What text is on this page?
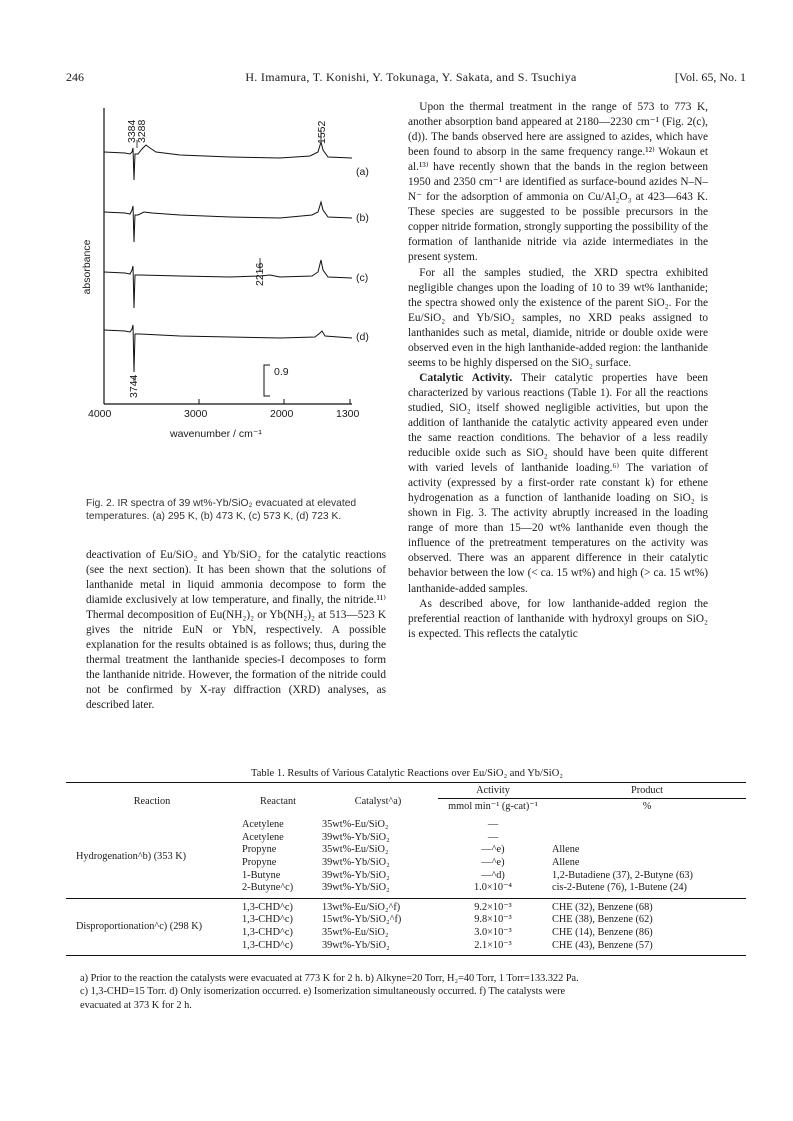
246	H. Imamura, T. Konishi, Y. Tokunaga, Y. Sakata, and S. Tsuchiya	[Vol. 65, No. 1
3384
3288	1552
2216
3744
(a)
(b)
(c)
(d)
0.9
absorbance
4000	3000	2000	1300
wavenumber / cm⁻¹
Fig. 2. IR spectra of 39 wt%-Yb/SiO₂ evacuated at elevated temperatures. (a) 295 K, (b) 473 K, (c) 573 K, (d) 723 K.

deactivation of Eu/SiO₂ and Yb/SiO₂ for the catalytic reactions (see the next section). It has been shown that the solutions of lanthanide metal in liquid ammonia decompose to form the diamide exclusively at low temperature, and finally, the nitride.¹¹⁾ Thermal decomposition of Eu(NH₂)₂ or Yb(NH₂)₂ at 513—523 K gives the nitride EuN or YbN, respectively. A possible explanation for the results obtained is as follows; thus, during the thermal treatment the lanthanide species-I decomposes to form the lanthanide nitride. However, the formation of the nitride could not be confirmed by X-ray diffraction (XRD) analyses, as described later.

Upon the thermal treatment in the range of 573 to 773 K, another absorption band appeared at 2180—2230 cm⁻¹ (Fig. 2(c),(d)). The bands observed here are assigned to azides, which have been found to absorp in the same frequency range.¹²⁾ Wokaun et al.¹³⁾ have recently shown that the bands in the region between 1950 and 2350 cm⁻¹ are identified as surface-bound azides N–N–N⁻ for the adsorption of ammonia on Cu/Al₂O₃ at 423—643 K. These species are suggested to be possible precursors in the copper nitride formation, strongly supporting the possibility of the formation of lanthanide nitride via azide intermediates in the present system.

For all the samples studied, the XRD spectra exhibited negligible changes upon the loading of 10 to 39 wt% lanthanide; the spectra showed only the existence of the parent SiO₂. For the Eu/SiO₂ and Yb/SiO₂ samples, no XRD peaks assigned to lanthanides such as metal, diamide, nitride or double oxide were observed even in the high lanthanide-added region: the lanthanide seems to be highly dispersed on the SiO₂ surface.

Catalytic Activity. Their catalytic properties have been characterized by various reactions (Table 1). For all the reactions studied, SiO₂ itself showed negligible activities, but upon the addition of lanthanide the catalytic activity appeared even under the same reaction conditions. The behavior of a less readily reducible oxide such as SiO₂ should have been quite different with varied levels of lanthanide loading.⁶⁾ The variation of activity (expressed by a first-order rate constant k) for ethene hydrogenation as a function of lanthanide loading on SiO₂ is shown in Fig. 3. The activity abruptly increased in the loading range of more than 15—20 wt% lanthanide even though the influence of the pretreatment temperatures on the activity was observed. There was an apparent difference in their catalytic behavior between the low (< ca. 15 wt%) and high (> ca. 15 wt%) lanthanide-added samples.

As described above, for low lanthanide-added region the preferential reaction of lanthanide with hydroxyl groups on SiO₂ is expected. This reflects the catalytic

Table 1. Results of Various Catalytic Reactions over Eu/SiO₂ and Yb/SiO₂
Reaction	Reactant	Catalyst^a)	Activity	Product
			mmol min⁻¹ (g-cat)⁻¹	%
Hydrogenation^b) (353 K)	Acetylene	35wt%-Eu/SiO₂	—	
	Acetylene	39wt%-Yb/SiO₂	—	
	Propyne	35wt%-Eu/SiO₂	—^e)	Allene
	Propyne	39wt%-Yb/SiO₂	—^e)	Allene
	1-Butyne	39wt%-Yb/SiO₂	—^d)	1,2-Butadiene (37), 2-Butyne (63)
	2-Butyne^c)	39wt%-Yb/SiO₂	1.0×10⁻⁴	cis-2-Butene (76), 1-Butene (24)
Disproportionation^c) (298 K)	1,3-CHD^c)	13wt%-Eu/SiO₂^f)	9.2×10⁻³	CHE (32), Benzene (68)
	1,3-CHD^c)	15wt%-Yb/SiO₂^f)	9.8×10⁻³	CHE (38), Benzene (62)
	1,3-CHD^c)	35wt%-Eu/SiO₂	3.0×10⁻³	CHE (14), Benzene (86)
	1,3-CHD^c)	39wt%-Yb/SiO₂	2.1×10⁻³	CHE (43), Benzene (57)
a) Prior to the reaction the catalysts were evacuated at 773 K for 2 h. b) Alkyne=20 Torr, H₂=40 Torr, 1 Torr=133.322 Pa.
c) 1,3-CHD=15 Torr. d) Only isomerization occurred. e) Isomerization simultaneously occurred. f) The catalysts were
evacuated at 373 K for 2 h.
